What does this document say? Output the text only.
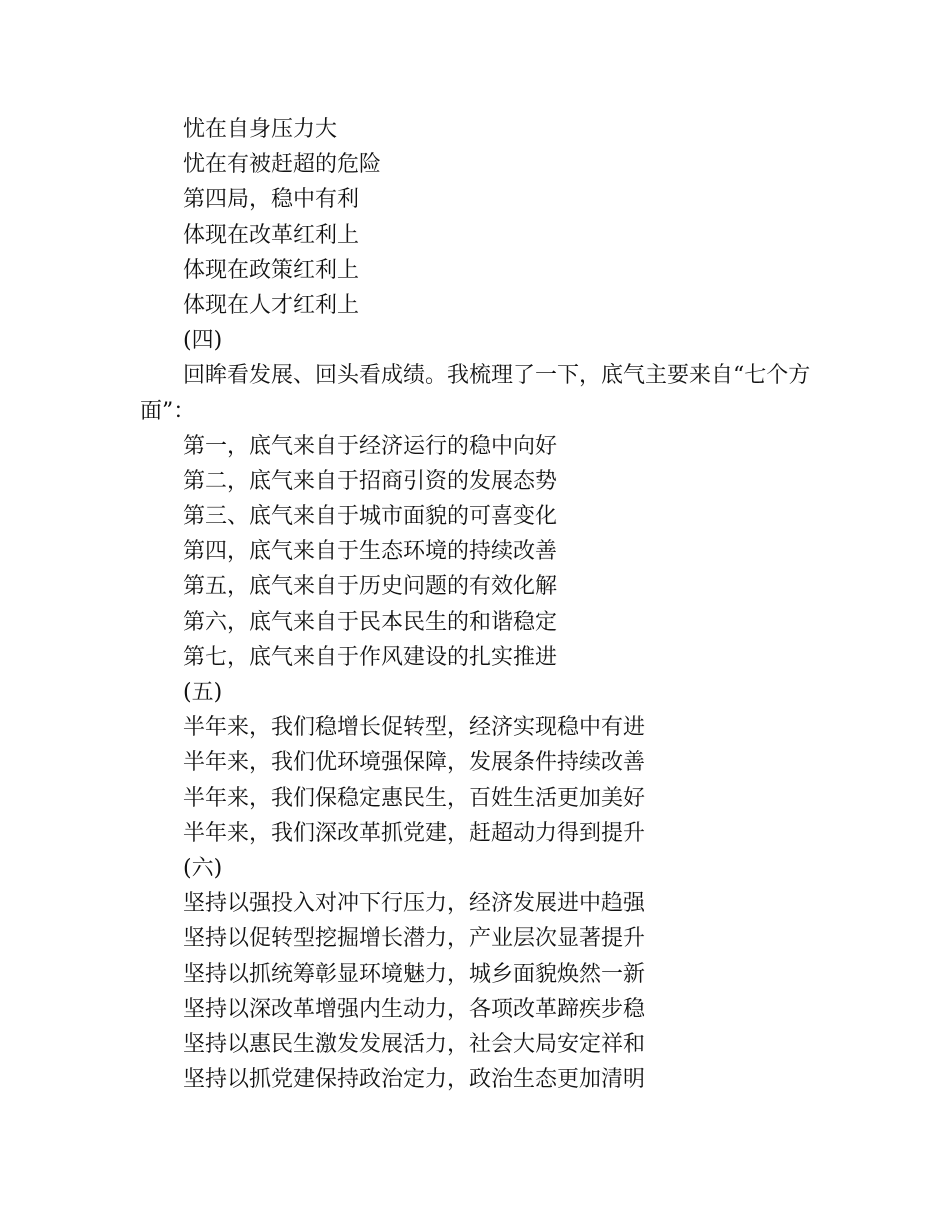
忧在自身压力大
忧在有被赶超的危险
第四局，稳中有利
体现在改革红利上
体现在政策红利上
体现在人才红利上
(四)
回眸看发展、回头看成绩。我梳理了一下，底气主要来自“七个方面”：
第一，底气来自于经济运行的稳中向好
第二，底气来自于招商引资的发展态势
第三、底气来自于城市面貌的可喜变化
第四，底气来自于生态环境的持续改善
第五，底气来自于历史问题的有效化解
第六，底气来自于民本民生的和谐稳定
第七，底气来自于作风建设的扎实推进
(五)
半年来，我们稳增长促转型，经济实现稳中有进
半年来，我们优环境强保障，发展条件持续改善
半年来，我们保稳定惠民生，百姓生活更加美好
半年来，我们深改革抓党建，赶超动力得到提升
(六)
坚持以强投入对冲下行压力，经济发展进中趋强
坚持以促转型挖掘增长潜力，产业层次显著提升
坚持以抓统筹彰显环境魅力，城乡面貌焕然一新
坚持以深改革增强内生动力，各项改革蹄疾步稳
坚持以惠民生激发发展活力，社会大局安定祥和
坚持以抓党建保持政治定力，政治生态更加清明
